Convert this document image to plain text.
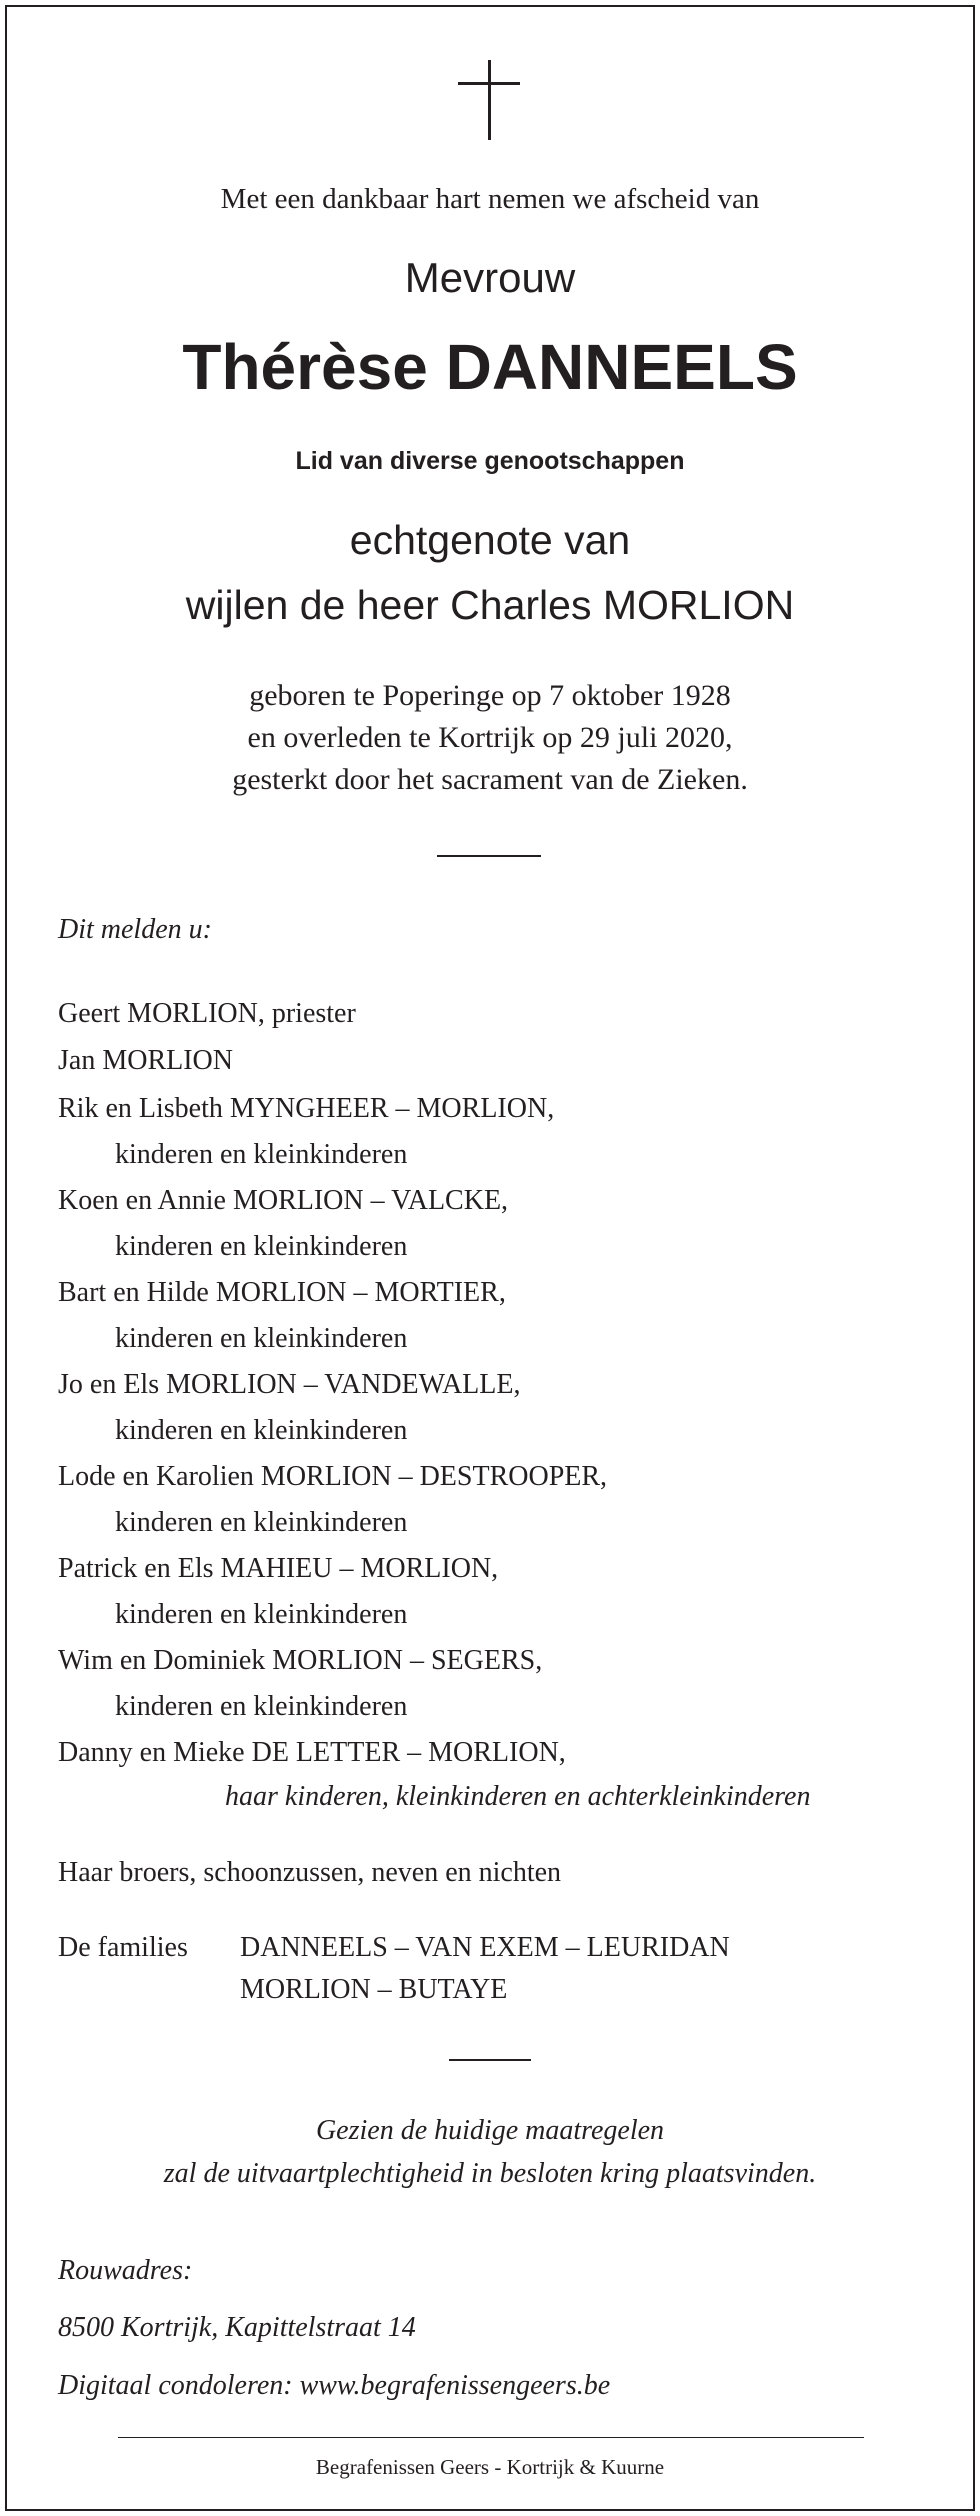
Met een dankbaar hart nemen we afscheid van
Mevrouw
Thérèse DANNEELS
Lid van diverse genootschappen
echtgenote van
wijlen de heer Charles MORLION
geboren te Poperinge op 7 oktober 1928
en overleden te Kortrijk op 29 juli 2020,
gesterkt door het sacrament van de Zieken.
Dit melden u:
Geert MORLION, priester
Jan MORLION
Rik en Lisbeth MYNGHEER – MORLION,
kinderen en kleinkinderen
Koen en Annie MORLION – VALCKE,
kinderen en kleinkinderen
Bart en Hilde MORLION – MORTIER,
kinderen en kleinkinderen
Jo en Els MORLION – VANDEWALLE,
kinderen en kleinkinderen
Lode en Karolien MORLION – DESTROOPER,
kinderen en kleinkinderen
Patrick en Els MAHIEU – MORLION,
kinderen en kleinkinderen
Wim en Dominiek MORLION – SEGERS,
kinderen en kleinkinderen
Danny en Mieke DE LETTER – MORLION,
haar kinderen, kleinkinderen en achterkleinkinderen
Haar broers, schoonzussen, neven en nichten
De families DANNEELS – VAN EXEM – LEURIDAN
MORLION – BUTAYE
Gezien de huidige maatregelen
zal de uitvaartplechtigheid in besloten kring plaatsvinden.
Rouwadres:
8500 Kortrijk, Kapittelstraat 14
Digitaal condoleren: www.begrafenissengeers.be
Begrafenissen Geers - Kortrijk & Kuurne
